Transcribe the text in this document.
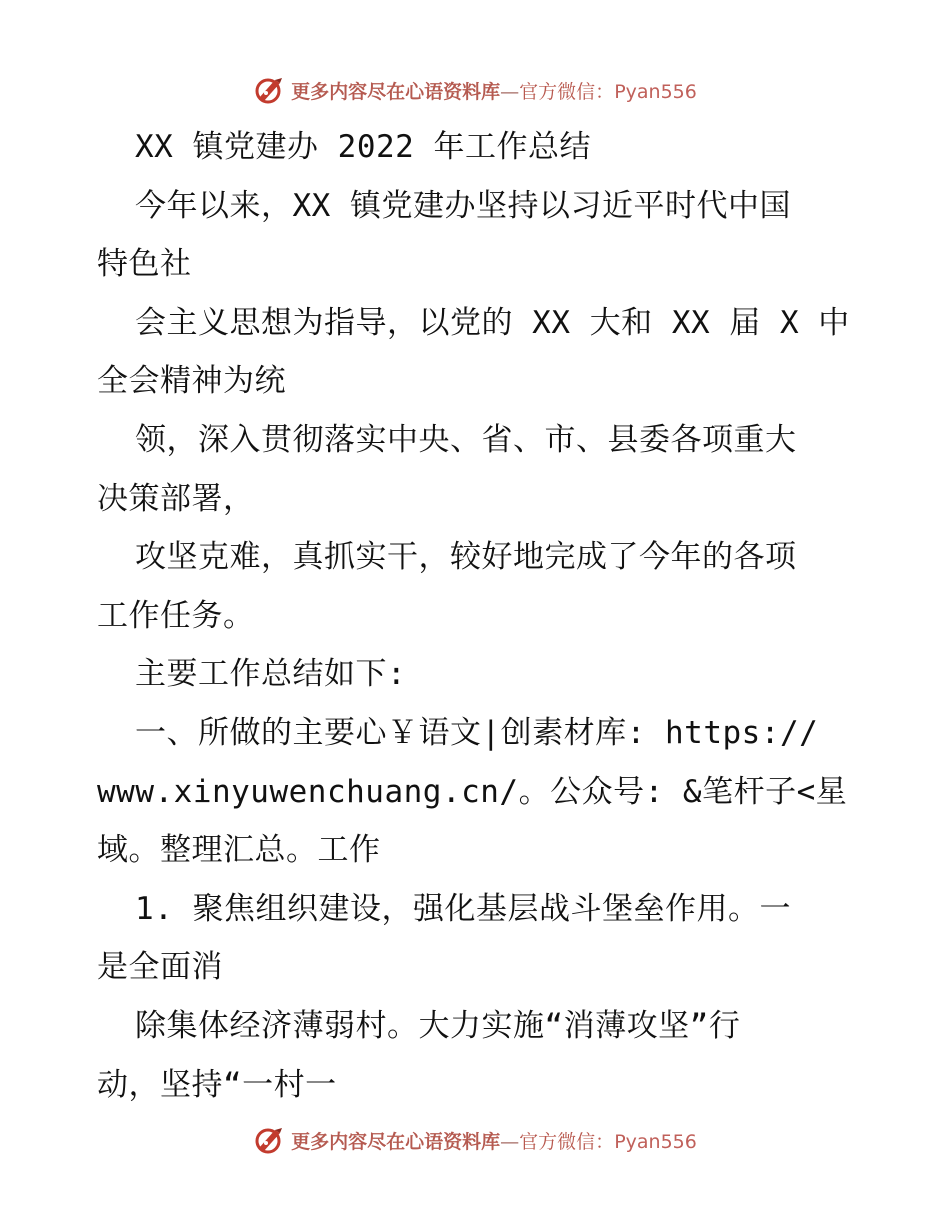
更多内容尽在心语资料库—官方微信：Pyan556
XX 镇党建办 2022 年工作总结
今年以来，XX 镇党建办坚持以习近平时代中国
特色社
会主义思想为指导，以党的 XX 大和 XX 届 X 中
全会精神为统
领，深入贯彻落实中央、省、市、县委各项重大
决策部署，
攻坚克难，真抓实干，较好地完成了今年的各项
工作任务。
主要工作总结如下:
一、所做的主要心￥语文|创素材库: https://
www.xinyuwenchuang.cn/。公众号: &笔杆子<星
域。整理汇总。工作
1. 聚焦组织建设，强化基层战斗堡垒作用。一
是全面消
除集体经济薄弱村。大力实施“消薄攻坚”行
动，坚持“一村一
更多内容尽在心语资料库—官方微信：Pyan556
